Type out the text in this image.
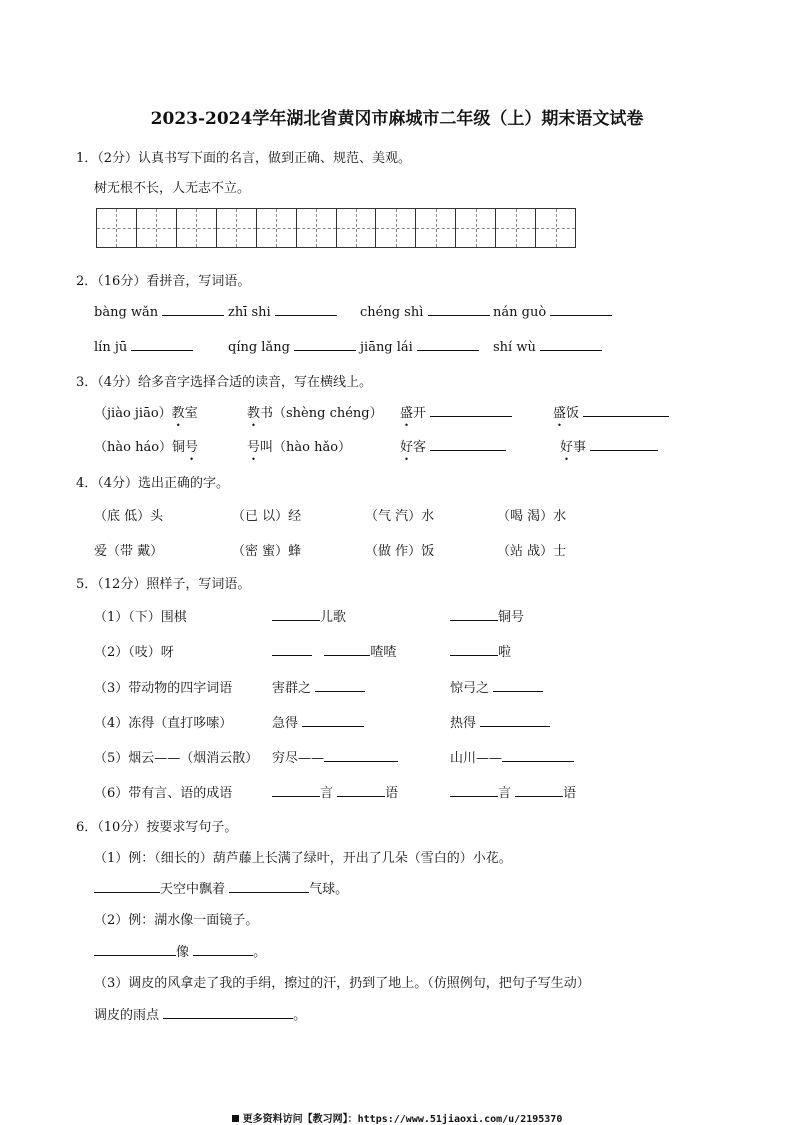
2023-2024学年湖北省黄冈市麻城市二年级（上）期末语文试卷
1．（2分）认真书写下面的名言，做到正确、规范、美观。
树无根不长，人无志不立。
2．（16分）看拼音，写词语。
bàng wǎn	zhī shi	chéng shì	nán guò
lín jū	qíng lǎng	jiāng lái	shí wù
3．（4分）给多音字选择合适的读音，写在横线上。
（jiào jiāo）教室	教书（shèng chéng） 盛开	盛饭
（hào háo）铜号	号叫（hào hǎo）	好客	好事
4．（4分）选出正确的字。
（底 低）头	（已 以）经	（气 汽）水	（喝 渴）水
爱（带 戴）	（密 蜜）蜂	（做 作）饭	（站 战）士
5．（12分）照样子，写词语。
（1）（下）围棋	儿歌	铜号
（2）（吱）呀	喳喳	啦
（3）带动物的四字词语	害群之	惊弓之
（4）冻得（直打哆嗦）	急得	热得
（5）烟云——（烟消云散） 穷尽——	山川——
（6）带有言、语的成语	言	语	言	语
6．（10分）按要求写句子。
（1）例：（细长的）葫芦藤上长满了绿叶，开出了几朵（雪白的）小花。
天空中飘着	气球。
（2）例：湖水像一面镜子。
像	。
（3）调皮的风拿走了我的手绢，擦过的汗，扔到了地上。（仿照例句，把句子写生动）
调皮的雨点	。
更多资料访问【教习网】：https://www.51jiaoxi.com/u/2195370
